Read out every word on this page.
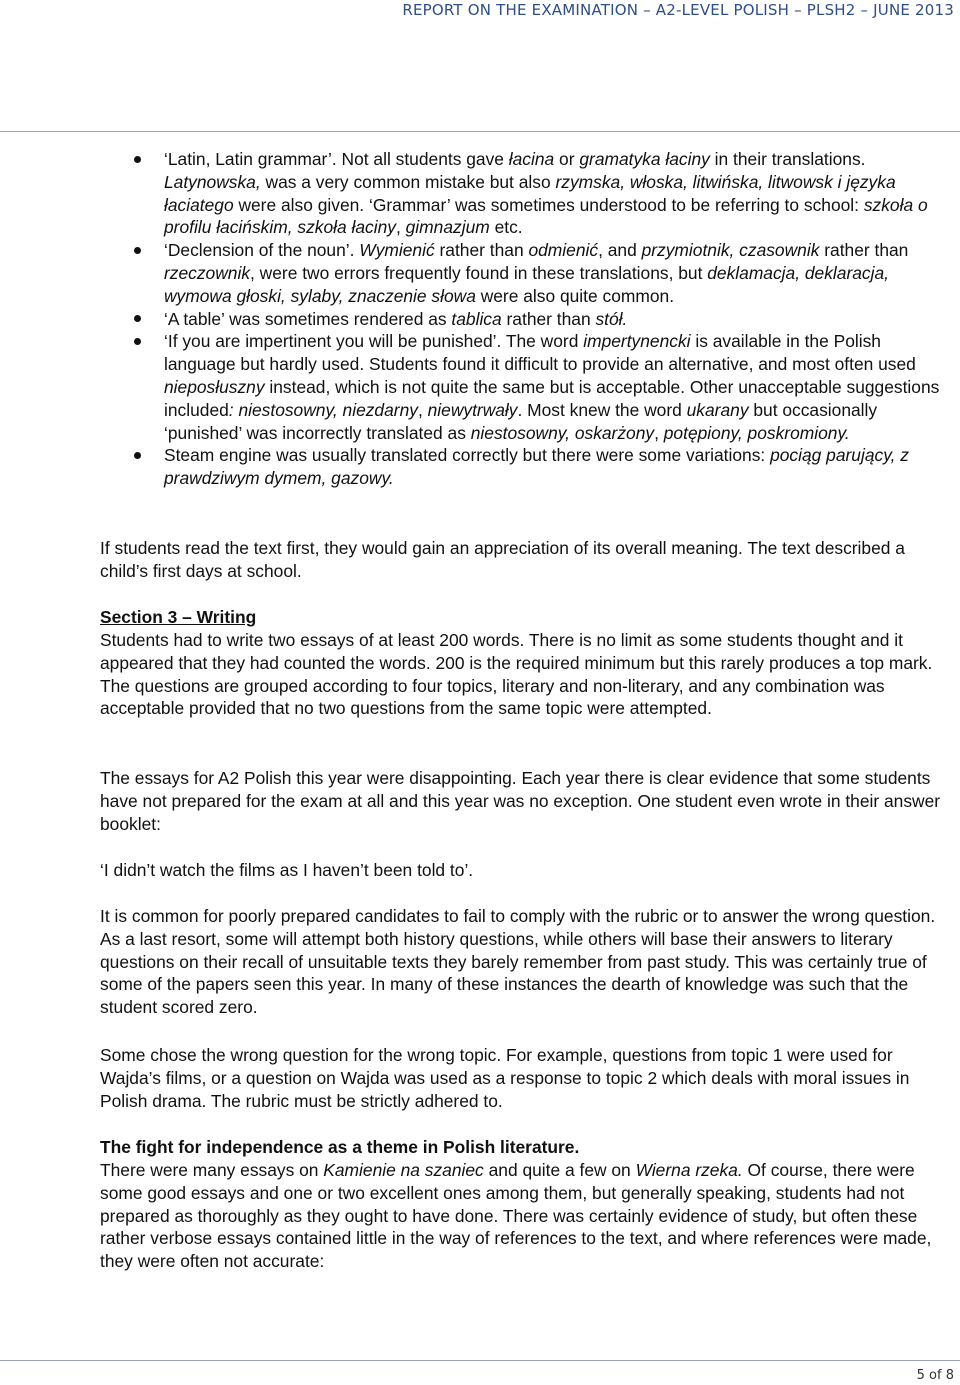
REPORT ON THE EXAMINATION – A2-LEVEL POLISH – PLSH2 – JUNE 2013
‘Latin, Latin grammar’. Not all students gave łacina or gramatyka łaciny in their translations. Latynowska, was a very common mistake but also rzymska, włoska, litwińska, litwowsk i języka łaciatego were also given. ‘Grammar’ was sometimes understood to be referring to school: szkoła o profilu łacińskim, szkoła łaciny, gimnazjum etc.
‘Declension of the noun’. Wymienić rather than odmienić, and przymiotnik, czasownik rather than rzeczownik, were two errors frequently found in these translations, but deklamacja, deklaracja, wymowa głoski, sylaby, znaczenie słowa were also quite common.
‘A table’ was sometimes rendered as tablica rather than stół.
‘If you are impertinent you will be punished’. The word impertynencki is available in the Polish language but hardly used. Students found it difficult to provide an alternative, and most often used nieposłuszny instead, which is not quite the same but is acceptable. Other unacceptable suggestions included: niestosowny, niezdarny, niewytrwały. Most knew the word ukarany but occasionally ‘punished’ was incorrectly translated as niestosowny, oskarżony, potępiony, poskromiony.
Steam engine was usually translated correctly but there were some variations: pociąg parujący, z prawdziwym dymem, gazowy.
If students read the text first, they would gain an appreciation of its overall meaning. The text described a child’s first days at school.
Section 3 – Writing
Students had to write two essays of at least 200 words. There is no limit as some students thought and it appeared that they had counted the words. 200 is the required minimum but this rarely produces a top mark. The questions are grouped according to four topics, literary and non-literary, and any combination was acceptable provided that no two questions from the same topic were attempted.
The essays for A2 Polish this year were disappointing. Each year there is clear evidence that some students have not prepared for the exam at all and this year was no exception. One student even wrote in their answer booklet:
‘I didn’t watch the films as I haven’t been told to’.
It is common for poorly prepared candidates to fail to comply with the rubric or to answer the wrong question. As a last resort, some will attempt both history questions, while others will base their answers to literary questions on their recall of unsuitable texts they barely remember from past study. This was certainly true of some of the papers seen this year. In many of these instances the dearth of knowledge was such that the student scored zero.
Some chose the wrong question for the wrong topic. For example, questions from topic 1 were used for Wajda’s films, or a question on Wajda was used as a response to topic 2 which deals with moral issues in Polish drama. The rubric must be strictly adhered to.
The fight for independence as a theme in Polish literature.
There were many essays on Kamienie na szaniec and quite a few on Wierna rzeka. Of course, there were some good essays and one or two excellent ones among them, but generally speaking, students had not prepared as thoroughly as they ought to have done. There was certainly evidence of study, but often these rather verbose essays contained little in the way of references to the text, and where references were made, they were often not accurate:
5 of 8
